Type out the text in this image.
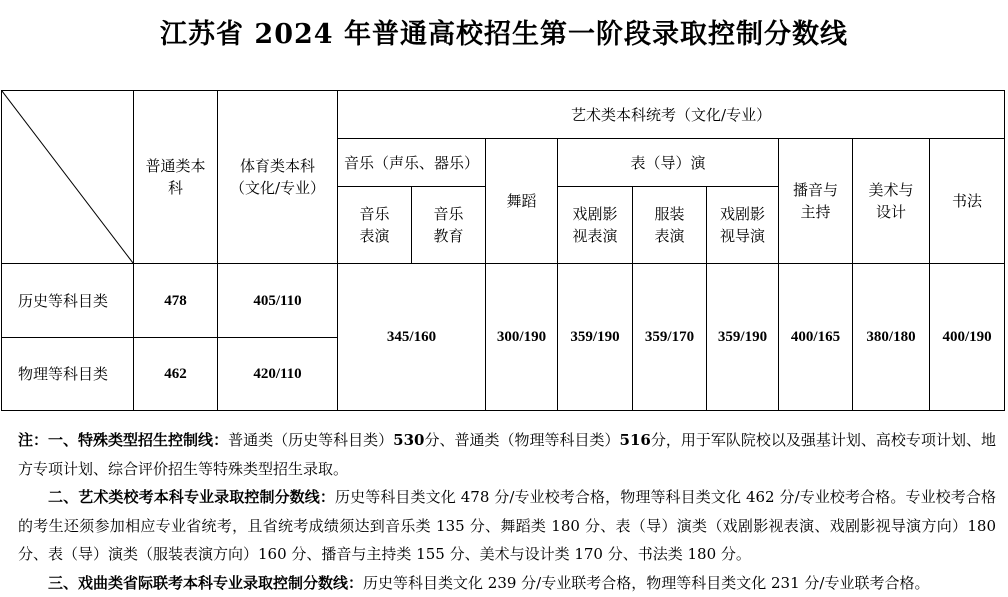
江苏省 2024 年普通高校招生第一阶段录取控制分数线
	普通类本科	体育类本科（文化/专业）	艺术类本科统考（文化/专业）								
			音乐（声乐、器乐）		舞蹈	表（导）演			播音与主持	美术与设计	书法
			音乐表演	音乐教育		戏剧影视表演	服装表演	戏剧影视导演			
历史等科目类	478	405/110	345/160		300/190	359/190	359/170	359/190	400/165	380/180	400/190
物理等科目类	462	420/110									

注：一、特殊类型招生控制线：普通类（历史等科目类）530分、普通类（物理等科目类）516分，用于军队院校以及强基计划、高校专项计划、地方专项计划、综合评价招生等特殊类型招生录取。

二、艺术类校考本科专业录取控制分数线：历史等科目类文化 478 分/专业校考合格，物理等科目类文化 462 分/专业校考合格。专业校考合格的考生还须参加相应专业省统考，且省统考成绩须达到音乐类 135 分、舞蹈类 180 分、表（导）演类（戏剧影视表演、戏剧影视导演方向）180 分、表（导）演类（服装表演方向）160 分、播音与主持类 155 分、美术与设计类 170 分、书法类 180 分。

三、戏曲类省际联考本科专业录取控制分数线：历史等科目类文化 239 分/专业联考合格，物理等科目类文化 231 分/专业联考合格。
